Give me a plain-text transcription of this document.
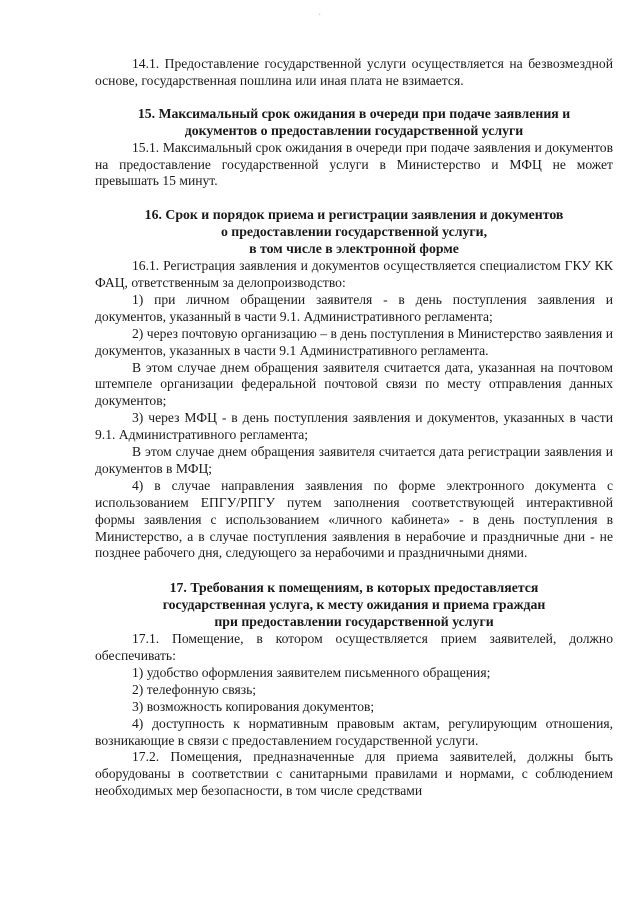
·

14.1. Предоставление государственной услуги осуществляется на безвозмездной основе, государственная пошлина или иная плата не взимается.

15. Максимальный срок ожидания в очереди при подаче заявления и
документов о предоставлении государственной услуги

15.1. Максимальный срок ожидания в очереди при подаче заявления и документов на предоставление государственной услуги в Министерство и МФЦ не может превышать 15 минут.

16. Срок и порядок приема и регистрации заявления и документов
о предоставлении государственной услуги,
в том числе в электронной форме

16.1. Регистрация заявления и документов осуществляется специалистом ГКУ КК ФАЦ, ответственным за делопроизводство:

1) при личном обращении заявителя - в день поступления заявления и документов, указанный в части 9.1. Административного регламента;

2) через почтовую организацию – в день поступления в Министерство заявления и документов, указанных в части 9.1 Административного регламента.

В этом случае днем обращения заявителя считается дата, указанная на почтовом штемпеле организации федеральной почтовой связи по месту отправления данных документов;

3) через МФЦ - в день поступления заявления и документов, указанных в части 9.1. Административного регламента;

В этом случае днем обращения заявителя считается дата регистрации заявления и документов в МФЦ;

4) в случае направления заявления по форме электронного документа с использованием ЕПГУ/РПГУ путем заполнения соответствующей интерактивной формы заявления с использованием «личного кабинета» - в день поступления в Министерство, а в случае поступления заявления в нерабочие и праздничные дни - не позднее рабочего дня, следующего за нерабочими и праздничными днями.

17. Требования к помещениям, в которых предоставляется
государственная услуга, к месту ожидания и приема граждан
при предоставлении государственной услуги

17.1. Помещение, в котором осуществляется прием заявителей, должно обеспечивать:

1) удобство оформления заявителем письменного обращения;

2) телефонную связь;

3) возможность копирования документов;

4) доступность к нормативным правовым актам, регулирующим отношения, возникающие в связи с предоставлением государственной услуги.

17.2. Помещения, предназначенные для приема заявителей, должны быть оборудованы в соответствии с санитарными правилами и нормами, с соблюдением необходимых мер безопасности, в том числе средствами
